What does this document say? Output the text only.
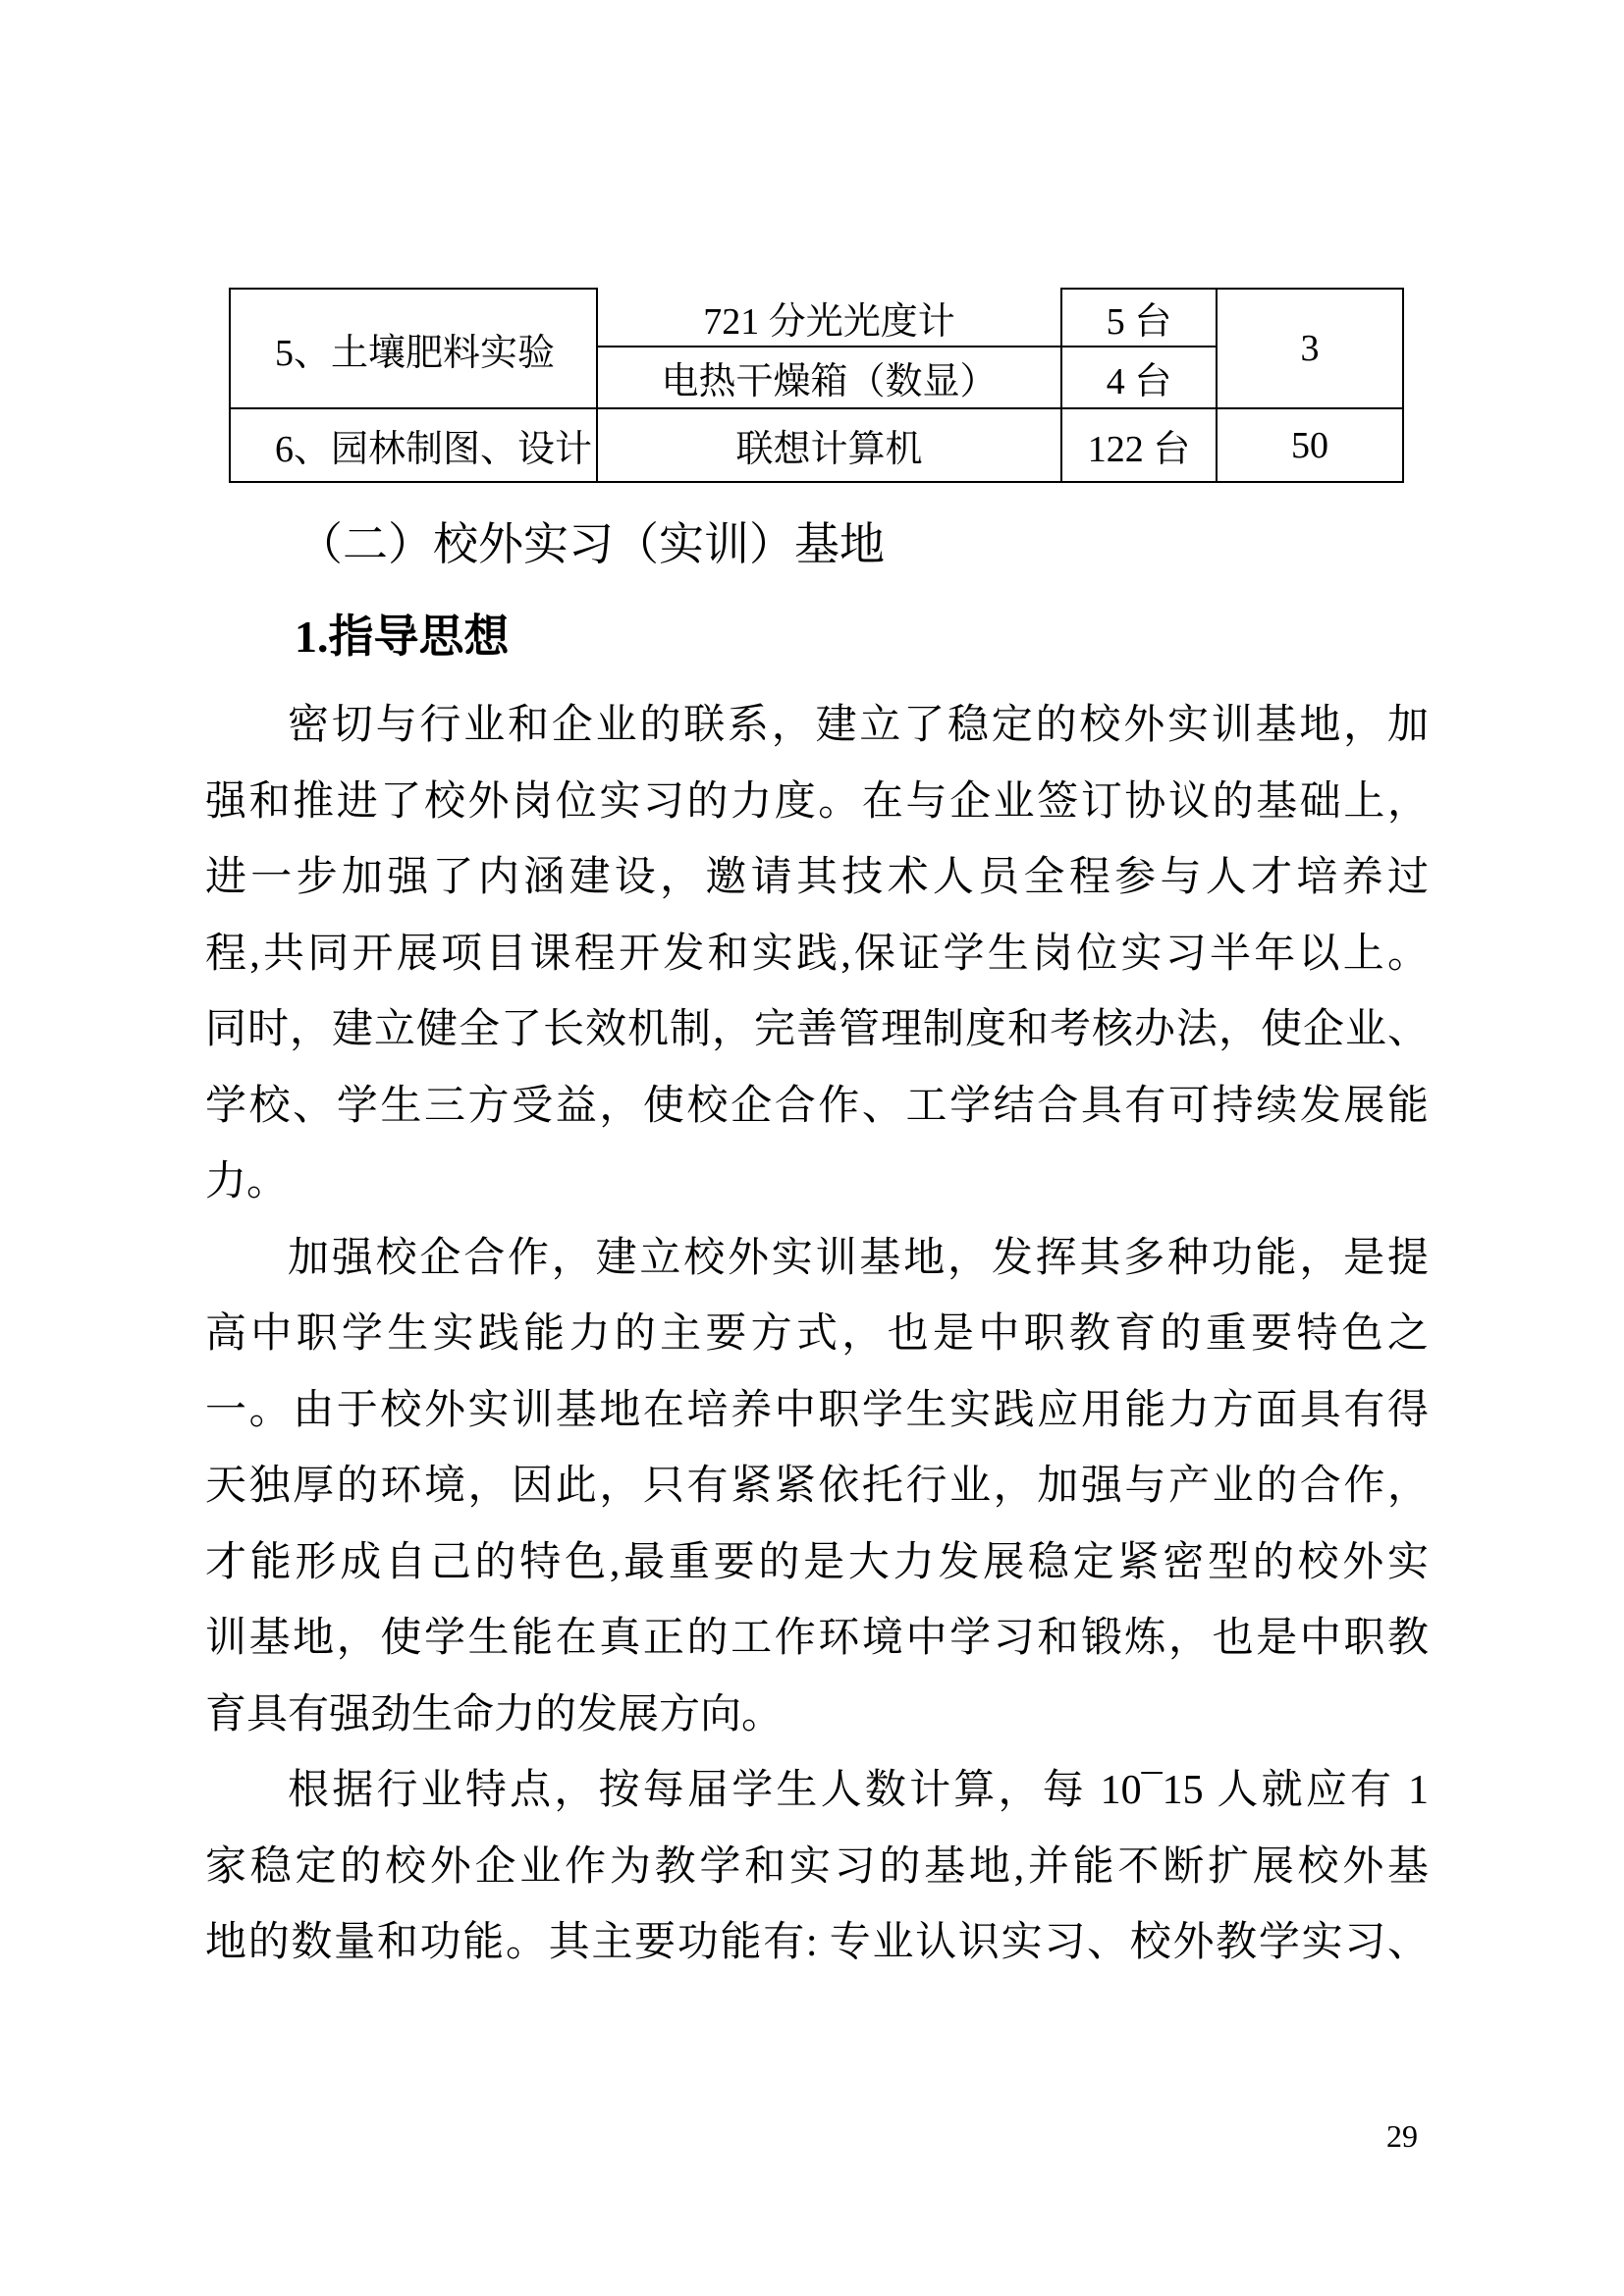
5、土壤肥料实验	721 分光光度计	5 台	3
	电热干燥箱（数显）	4 台	
6、园林制图、设计	联想计算机	122 台	50
（二）校外实习（实训）基地
1.指导思想
密切与行业和企业的联系，建立了稳定的校外实训基地，加
强和推进了校外岗位实习的力度。在与企业签订协议的基础上，
进一步加强了内涵建设，邀请其技术人员全程参与人才培养过
程,共同开展项目课程开发和实践,保证学生岗位实习半年以上。
同时，建立健全了长效机制，完善管理制度和考核办法，使企业、
学校、学生三方受益，使校企合作、工学结合具有可持续发展能
力。
加强校企合作，建立校外实训基地，发挥其多种功能，是提
高中职学生实践能力的主要方式，也是中职教育的重要特色之
一。由于校外实训基地在培养中职学生实践应用能力方面具有得
天独厚的环境，因此，只有紧紧依托行业，加强与产业的合作，
才能形成自己的特色,最重要的是大力发展稳定紧密型的校外实
训基地，使学生能在真正的工作环境中学习和锻炼，也是中职教
育具有强劲生命力的发展方向。
根据行业特点，按每届学生人数计算，每 10¯15 人就应有 1
家稳定的校外企业作为教学和实习的基地,并能不断扩展校外基
地的数量和功能。其主要功能有: 专业认识实习、校外教学实习、
29
